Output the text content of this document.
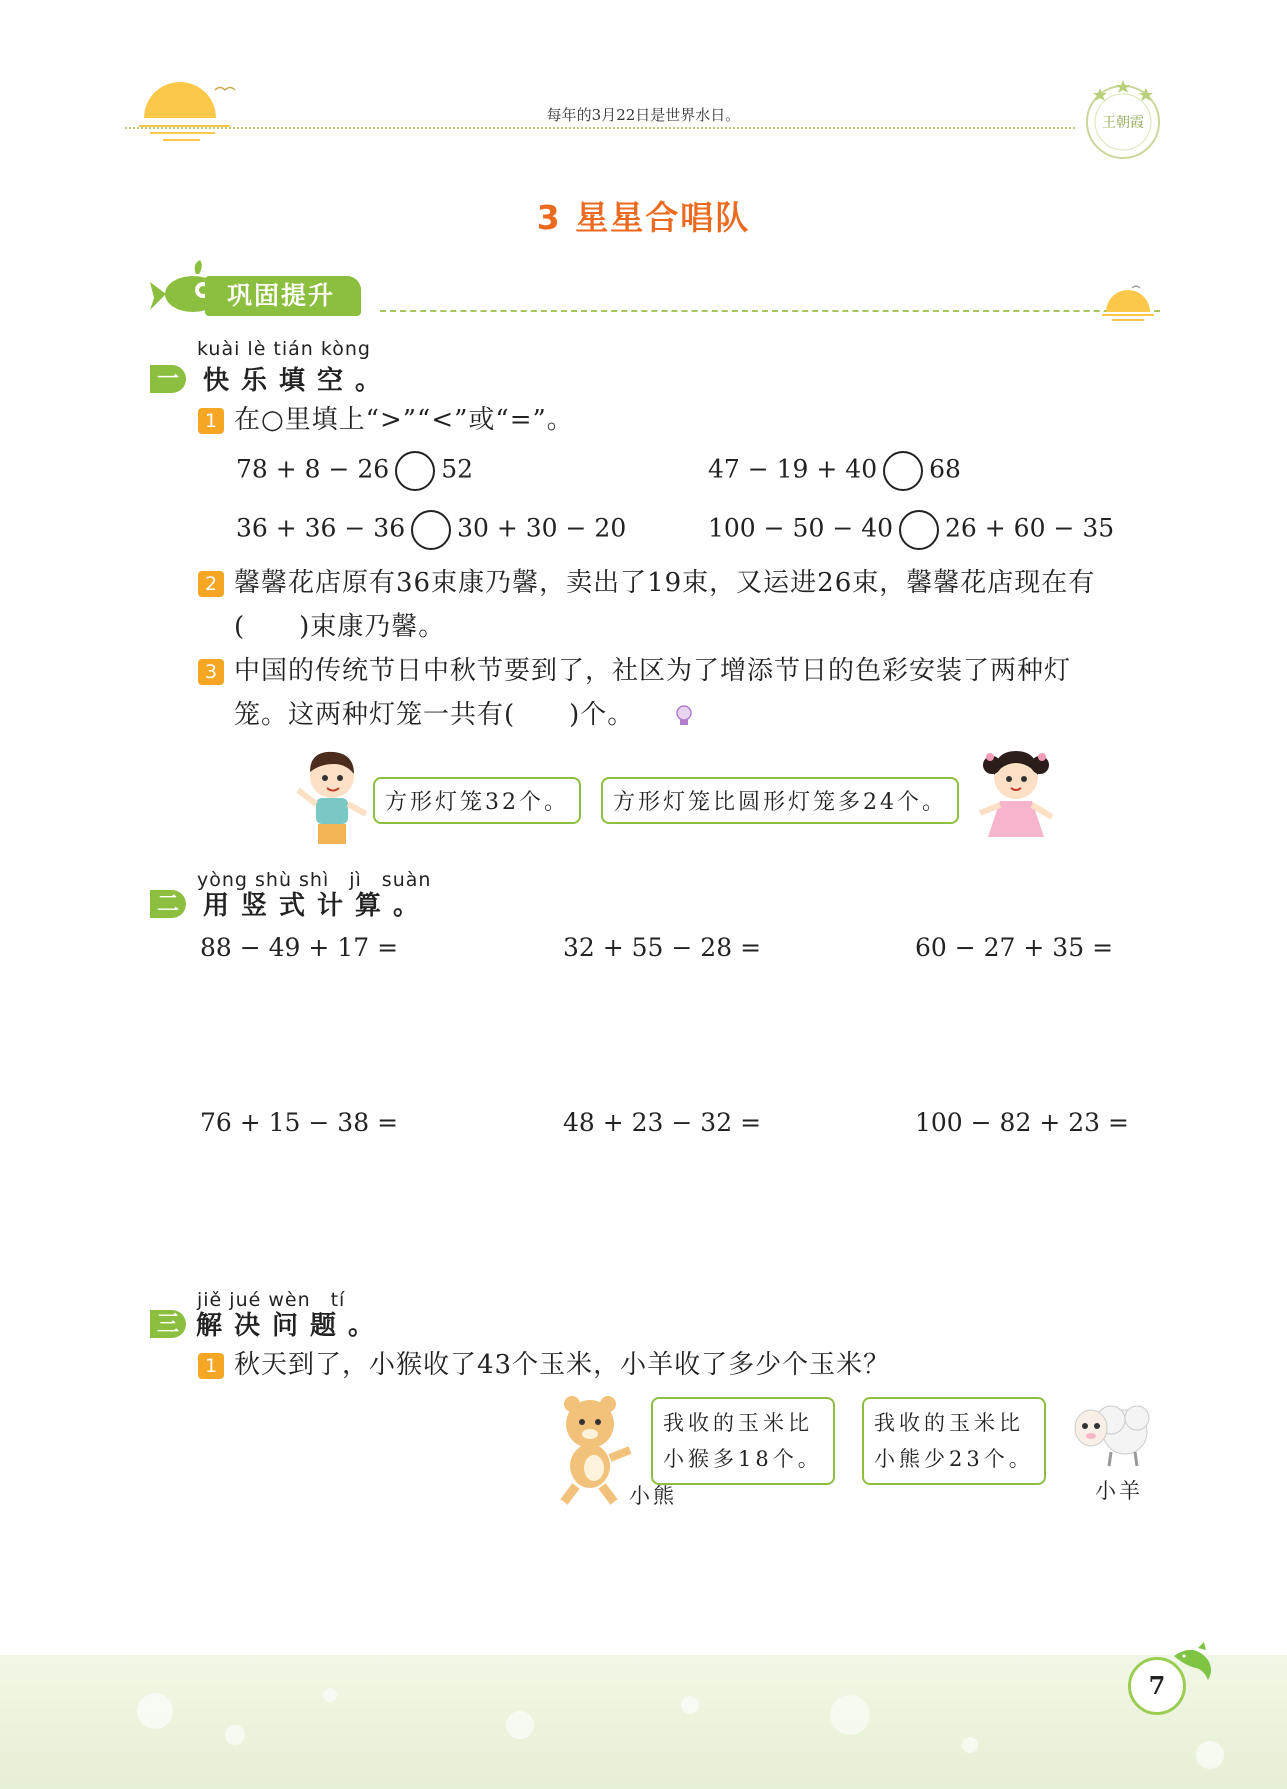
每年的3月22日是世界水日。	王朝霞
3 星星合唱队
巩固提升
kuài lè tián kòng
一 快乐填空。
1 在○里填上“>”“<”或“=”。
78 + 8 − 26 52	47 − 19 + 40 68
36 + 36 − 36 30 + 30 − 20	100 − 50 − 40 26 + 60 − 35
2 馨馨花店原有36束康乃馨，卖出了19束，又运进26束，馨馨花店现在有
(　　)束康乃馨。
3 中国的传统节日中秋节要到了，社区为了增添节日的色彩安装了两种灯
笼。这两种灯笼一共有(　　)个。
方形灯笼32个。	方形灯笼比圆形灯笼多24个。
yòng shù shì　jì　suàn
二 用竖式计算。
88 − 49 + 17 =	32 + 55 − 28 =	60 − 27 + 35 =
76 + 15 − 38 =	48 + 23 − 32 =	100 − 82 + 23 =
jiě jué wèn　tí
三 解决问题。
1 秋天到了，小猴收了43个玉米，小羊收了多少个玉米？
我收的玉米比
小猴多18个。
小熊
我收的玉米比
小熊少23个。
小羊
7
